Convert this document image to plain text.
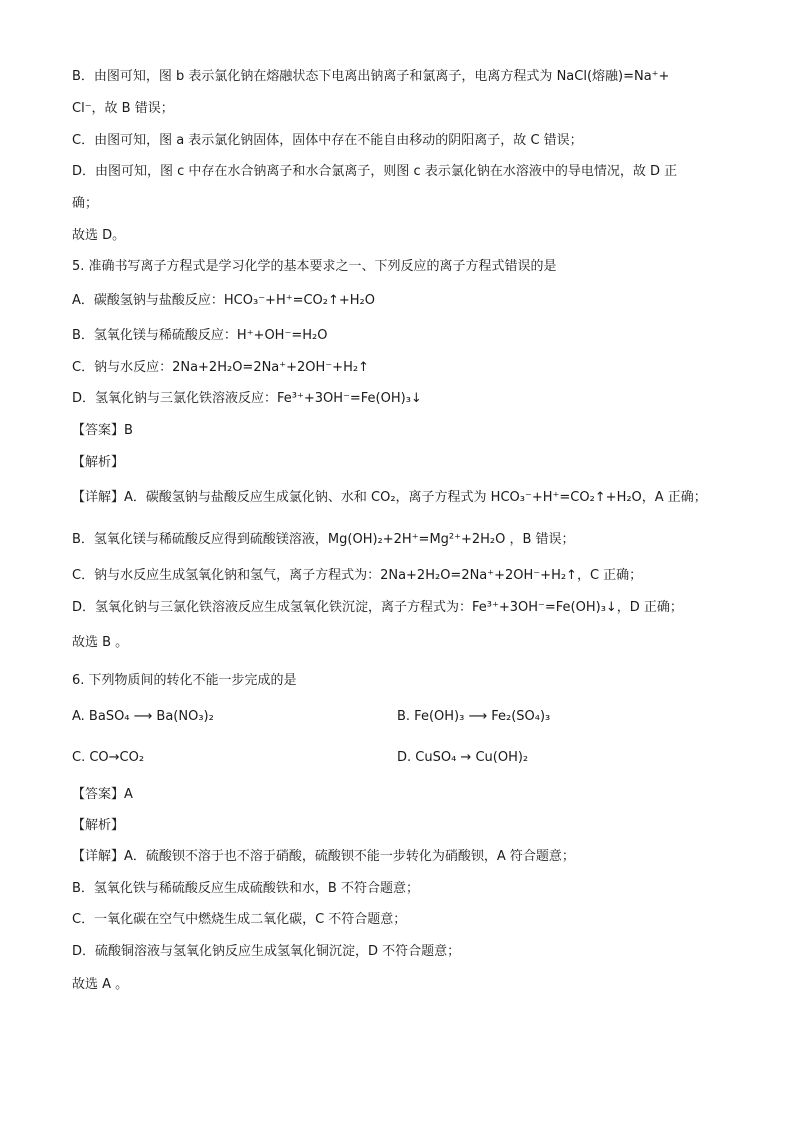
B．由图可知，图 b 表示氯化钠在熔融状态下电离出钠离子和氯离子，电离方程式为 NaCl(熔融)=Na⁺+
Cl⁻，故 B 错误；
C．由图可知，图 a 表示氯化钠固体，固体中存在不能自由移动的阴阳离子，故 C 错误；
D．由图可知，图 c 中存在水合钠离子和水合氯离子，则图 c 表示氯化钠在水溶液中的导电情况，故 D 正
确；
故选 D。
5. 准确书写离子方程式是学习化学的基本要求之一、下列反应的离子方程式错误的是
A．碳酸氢钠与盐酸反应：HCO₃⁻+H⁺=CO₂↑+H₂O
B．氢氧化镁与稀硫酸反应：H⁺+OH⁻=H₂O
C．钠与水反应：2Na+2H₂O=2Na⁺+2OH⁻+H₂↑
D．氢氧化钠与三氯化铁溶液反应：Fe³⁺+3OH⁻=Fe(OH)₃↓
【答案】B
【解析】
【详解】A．碳酸氢钠与盐酸反应生成氯化钠、水和 CO₂，离子方程式为 HCO₃⁻+H⁺=CO₂↑+H₂O，A 正确；
B．氢氧化镁与稀硫酸反应得到硫酸镁溶液，Mg(OH)₂+2H⁺=Mg²⁺+2H₂O ，B 错误；
C．钠与水反应生成氢氧化钠和氢气，离子方程式为：2Na+2H₂O=2Na⁺+2OH⁻+H₂↑，C 正确；
D．氢氧化钠与三氯化铁溶液反应生成氢氧化铁沉淀，离子方程式为：Fe³⁺+3OH⁻=Fe(OH)₃↓，D 正确；
故选 B 。
6. 下列物质间的转化不能一步完成的是
A. BaSO₄ ⟶ Ba(NO₃)₂	B. Fe(OH)₃ ⟶ Fe₂(SO₄)₃
C. CO→CO₂	D. CuSO₄ → Cu(OH)₂
【答案】A
【解析】
【详解】A．硫酸钡不溶于也不溶于硝酸，硫酸钡不能一步转化为硝酸钡，A 符合题意；
B．氢氧化铁与稀硫酸反应生成硫酸铁和水，B 不符合题意；
C．一氧化碳在空气中燃烧生成二氧化碳，C 不符合题意；
D．硫酸铜溶液与氢氧化钠反应生成氢氧化铜沉淀，D 不符合题意；
故选 A 。
